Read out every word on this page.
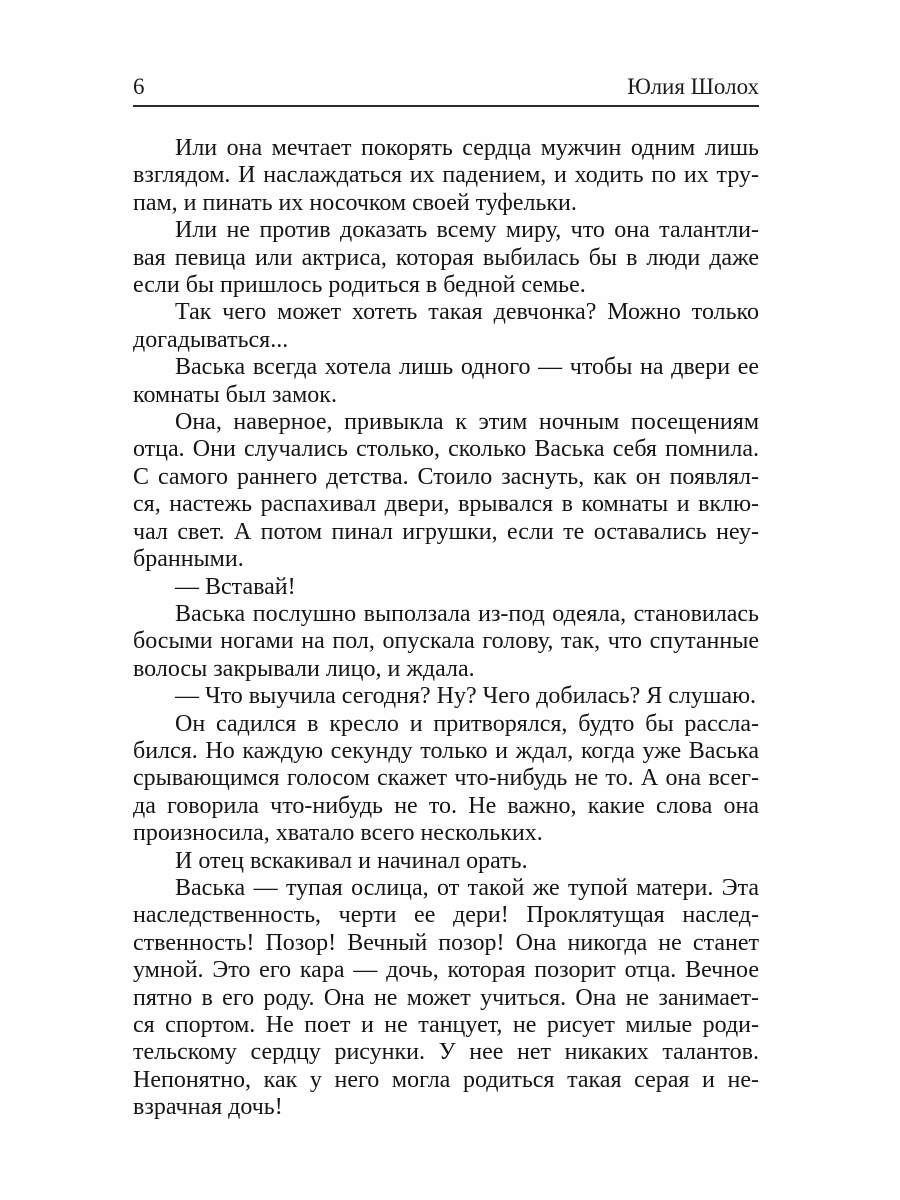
6	Юлия Шолох
Или она мечтает покорять сердца мужчин одним лишь
взглядом. И наслаждаться их падением, и ходить по их тру-
пам, и пинать их носочком своей туфельки.
Или не против доказать всему миру, что она талантли-
вая певица или актриса, которая выбилась бы в люди даже
если бы пришлось родиться в бедной семье.
Так чего может хотеть такая девчонка? Можно только
догадываться...
Васька всегда хотела лишь одного — чтобы на двери ее
комнаты был замок.
Она, наверное, привыкла к этим ночным посещениям
отца. Они случались столько, сколько Васька себя помнила.
С самого раннего детства. Стоило заснуть, как он появлял-
ся, настежь распахивал двери, врывался в комнаты и вклю-
чал свет. А потом пинал игрушки, если те оставались неу-
бранными.
— Вставай!
Васька послушно выползала из-под одеяла, становилась
босыми ногами на пол, опускала голову, так, что спутанные
волосы закрывали лицо, и ждала.
— Что выучила сегодня? Ну? Чего добилась? Я слушаю.
Он садился в кресло и притворялся, будто бы рассла-
бился. Но каждую секунду только и ждал, когда уже Васька
срывающимся голосом скажет что-нибудь не то. А она всег-
да говорила что-нибудь не то. Не важно, какие слова она
произносила, хватало всего нескольких.
И отец вскакивал и начинал орать.
Васька — тупая ослица, от такой же тупой матери. Эта
наследственность, черти ее дери! Проклятущая наслед-
ственность! Позор! Вечный позор! Она никогда не станет
умной. Это его кара — дочь, которая позорит отца. Вечное
пятно в его роду. Она не может учиться. Она не занимает-
ся спортом. Не поет и не танцует, не рисует милые роди-
тельскому сердцу рисунки. У нее нет никаких талантов.
Непонятно, как у него могла родиться такая серая и не-
взрачная дочь!
